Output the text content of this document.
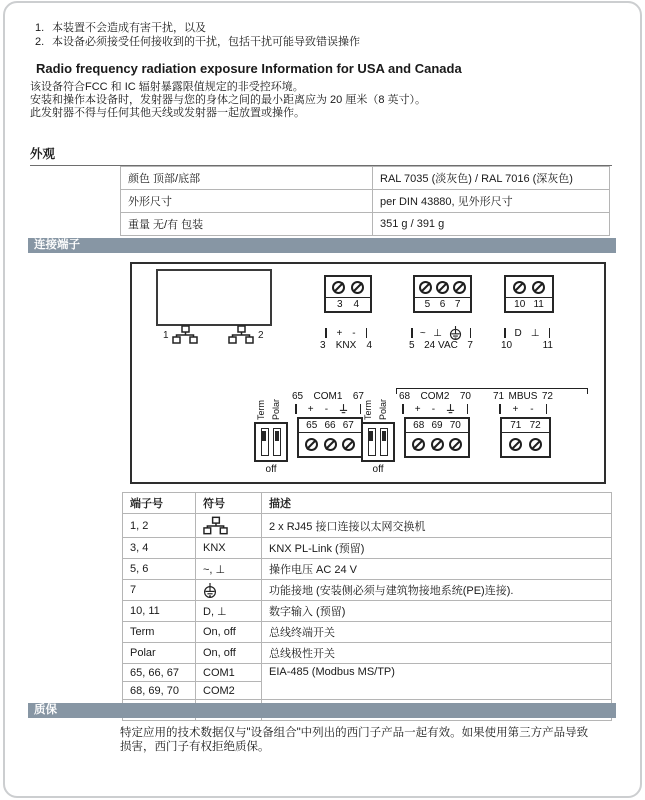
1. 本装置不会造成有害干扰，以及
2. 本设备必须接受任何接收到的干扰，包括干扰可能导致错误操作
Radio frequency radiation exposure Information for USA and Canada
该设备符合FCC 和 IC 辐射暴露限值规定的非受控环境。
安装和操作本设备时，发射器与您的身体之间的最小距离应为 20 厘米（8 英寸）。
此发射器不得与任何其他天线或发射器一起放置或操作。
外观
颜色 顶部/底部	RAL 7035 (淡灰色) / RAL 7016 (深灰色)
外形尺寸	per DIN 43880, 见外形尺寸
重量 无/有 包装	351 g / 391 g
连接端子
1	2
3 4	5 6 7	10 11
+ -
3 KNX 4
~ ⊥
5 24 VAC 7
D ⊥
10	11
65 COM1 67
+ -
68 COM2 70
+ -
71 MBUS 72
+ -
Term Polar
off
65 66 67
Term Polar
off
68 69 70	71 72
端子号	符号	描述
1, 2		2 x RJ45 接口连接以太网交换机
3, 4	KNX	KNX PL-Link (预留)
5, 6	~, ⊥	操作电压 AC 24 V
7		功能接地 (安装侧必须与建筑物接地系统(PE)连接).
10, 11	D, ⊥	数字输入 (预留)
Term	On, off	总线终端开关
Polar	On, off	总线极性开关
65, 66, 67	COM1	EIA-485 (Modbus MS/TP)
68, 69, 70	COM2	

质保
特定应用的技术数据仅与"设备组合"中列出的西门子产品一起有效。如果使用第三方产品导致
损害，西门子有权拒绝质保。
